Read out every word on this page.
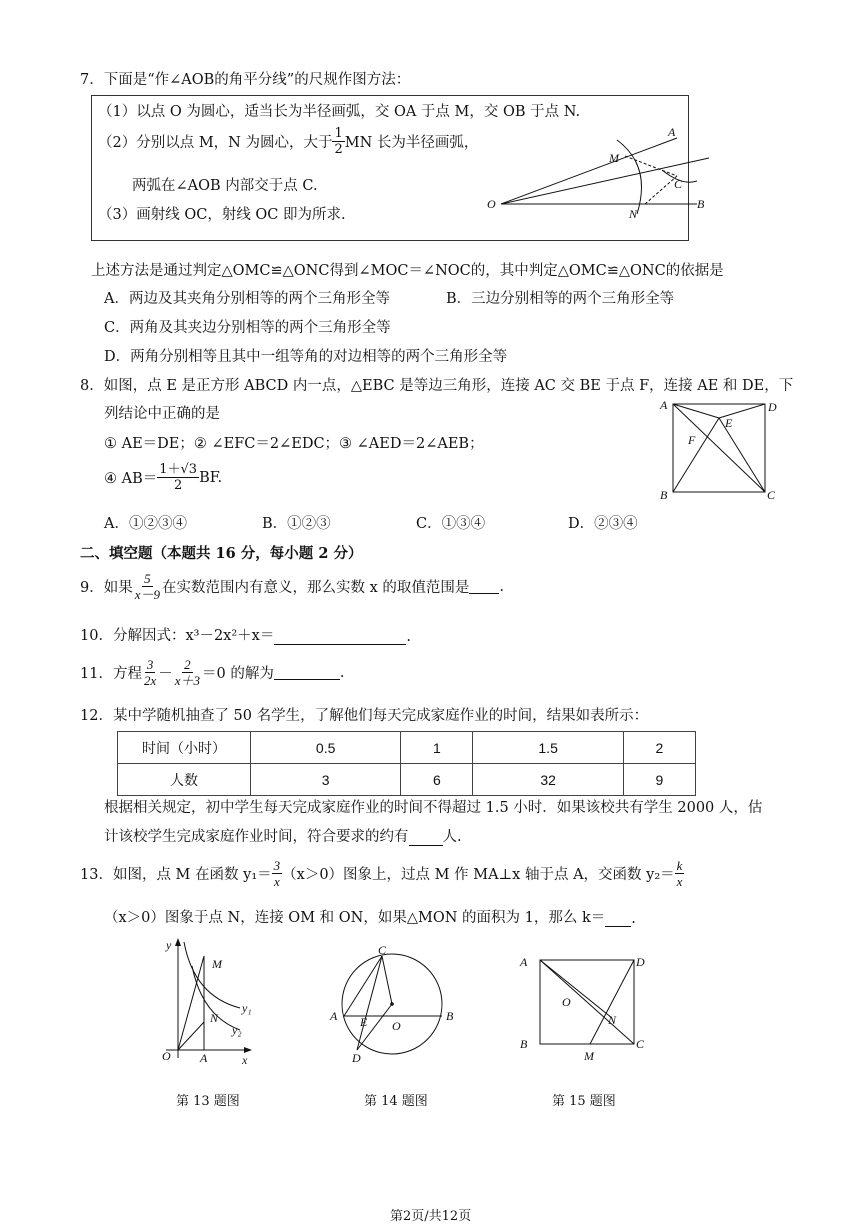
7．下面是“作∠AOB的角平分线”的尺规作图方法：
（1）以点 O 为圆心，适当长为半径画弧，交 OA 于点 M，交 OB 于点 N.
（2）分别以点 M，N 为圆心，大于 $\frac{1}{2}$ MN 长为半径画弧，
两弧在∠AOB 内部交于点 C.
（3）画射线 OC，射线 OC 即为所求.
A
M
C
O
N
B
上述方法是通过判定△OMC≌△ONC得到∠MOC＝∠NOC的，其中判定△OMC≌△ONC的依据是
A．两边及其夹角分别相等的两个三角形全等	B．三边分别相等的两个三角形全等
C．两角及其夹边分别相等的两个三角形全等
D．两角分别相等且其中一组等角的对边相等的两个三角形全等
8．如图，点 E 是正方形 ABCD 内一点，△EBC 是等边三角形，连接 AC 交 BE 于点 F，连接 AE 和 DE，下
列结论中正确的是
① AE＝DE；② ∠EFC＝2∠EDC；③ ∠AED＝2∠AEB；
④ $AB= \frac{1+√3}{2}$ BF.
A．①②③④	B．①②③	C．①③④	D．②③④
A	D
E
F
B	C
二、填空题（本题共 16 分，每小题 2 分）
9．如果 $\frac{5}{x-9}$ 在实数范围内有意义，那么实数 x 的取值范围是 .
10．分解因式：x³－2x²＋x＝	.
11．方程 $\frac{3}{2x} - \frac{2}{x+3} =0$ 的解为	.
12．某中学随机抽查了 50 名学生，了解他们每天完成家庭作业的时间，结果如表所示：
时间（小时）	0.5	1	1.5	2
人数	3	6	32	9
根据相关规定，初中学生每天完成家庭作业的时间不得超过 1.5 小时．如果该校共有学生 2000 人，估
计该校学生完成家庭作业时间，符合要求的约有 人.
13．如图，点 M 在函数 $y_1= \frac{3}{x} (x>0)$图象上，过点 M 作 MA⊥x 轴于点 A，交函数 $y_2= \frac{k}{x}$
（x＞0）图象于点 N，连接 OM 和 ON，如果△MON 的面积为 1，那么 k＝ .
y
M
y₁
N
y₂
O A	x
第 13 题图
C
A E O
B
D
第 14 题图
A	D
O
N
B
M
C
第 15 题图
第2页/共12页
